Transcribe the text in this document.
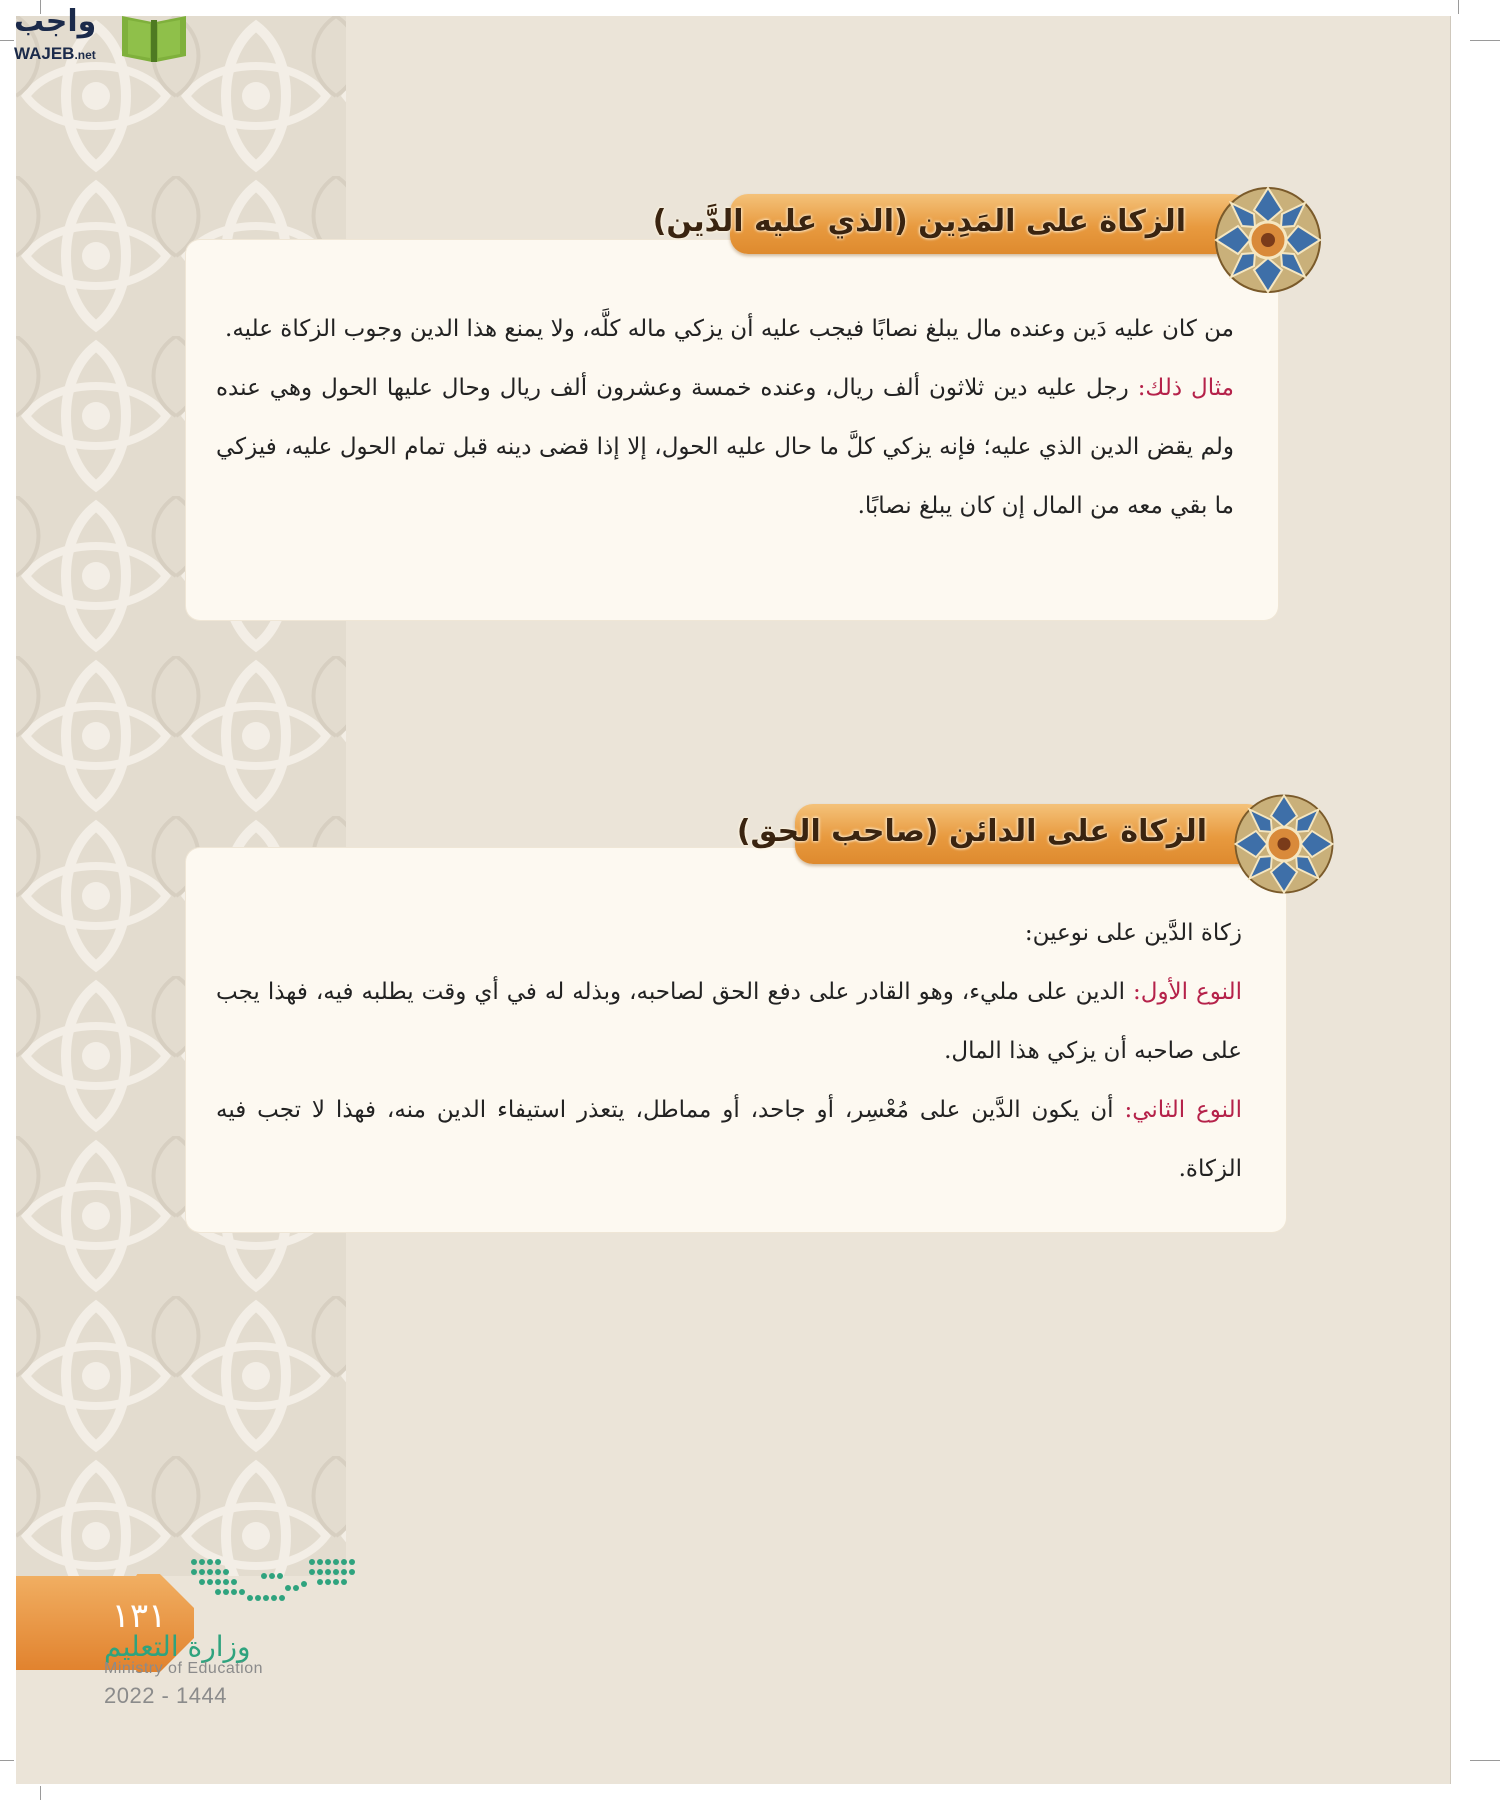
واجب
WAJEB.net
الزكاة على المَدِين (الذي عليه الدَّين)

من كان عليه دَين وعنده مال يبلغ نصابًا فيجب عليه أن يزكي ماله كلَّه، ولا يمنع هذا الدين وجوب الزكاة عليه.

مثال ذلك: رجل عليه دين ثلاثون ألف ريال، وعنده خمسة وعشرون ألف ريال وحال عليها الحول وهي عنده ولم يقض الدين الذي عليه؛ فإنه يزكي كلَّ ما حال عليه الحول، إلا إذا قضى دينه قبل تمام الحول عليه، فيزكي ما بقي معه من المال إن كان يبلغ نصابًا.

الزكاة على الدائن (صاحب الحق)

زكاة الدَّين على نوعين:

النوع الأول: الدين على مليء، وهو القادر على دفع الحق لصاحبه، وبذله له في أي وقت يطلبه فيه، فهذا يجب على صاحبه أن يزكي هذا المال.

النوع الثاني: أن يكون الدَّين على مُعْسِر، أو جاحد، أو مماطل، يتعذر استيفاء الدين منه، فهذا لا تجب فيه الزكاة.

١٣١
وزارة التعليم
Ministry of Education
2022 - 1444
